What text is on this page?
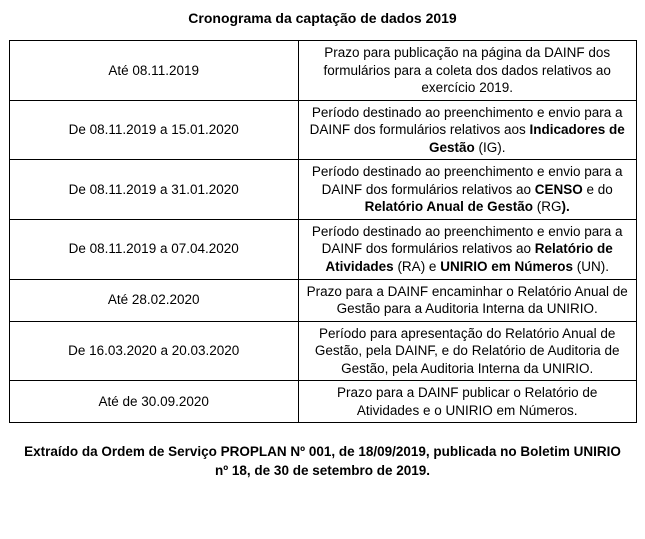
Cronograma da captação de dados 2019
Até 08.11.2019	Prazo para publicação na página da DAINF dos formulários para a coleta dos dados relativos ao exercício 2019.
De 08.11.2019 a 15.01.2020	Período destinado ao preenchimento e envio para a DAINF dos formulários relativos aos Indicadores de Gestão (IG).
De 08.11.2019 a 31.01.2020	Período destinado ao preenchimento e envio para a DAINF dos formulários relativos ao CENSO e do Relatório Anual de Gestão (RG).
De 08.11.2019 a 07.04.2020	Período destinado ao preenchimento e envio para a DAINF dos formulários relativos ao Relatório de Atividades (RA) e UNIRIO em Números (UN).
Até 28.02.2020	Prazo para a DAINF encaminhar o Relatório Anual de Gestão para a Auditoria Interna da UNIRIO.
De 16.03.2020 a 20.03.2020	Período para apresentação do Relatório Anual de Gestão, pela DAINF, e do Relatório de Auditoria de Gestão, pela Auditoria Interna da UNIRIO.
Até de 30.09.2020	Prazo para a DAINF publicar o Relatório de Atividades e o UNIRIO em Números.
Extraído da Ordem de Serviço PROPLAN Nº 001, de 18/09/2019, publicada no Boletim UNIRIO nº 18, de 30 de setembro de 2019.
